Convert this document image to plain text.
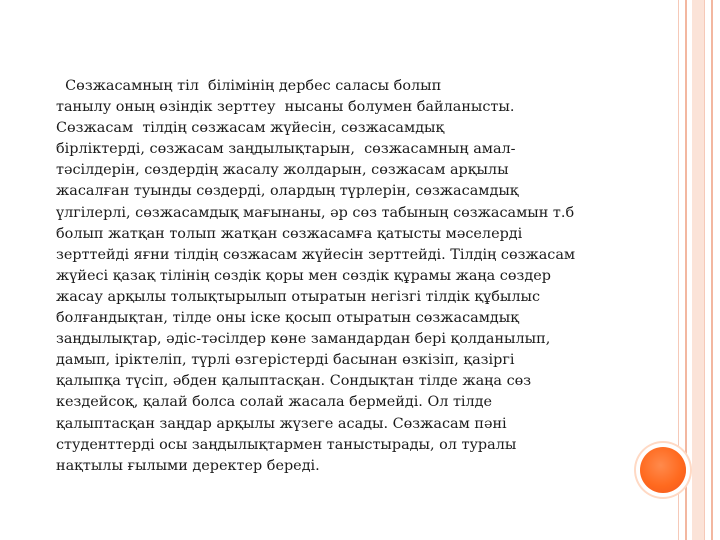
Сөзжасамның тіл  білімінің дербес саласы болып
танылу оның өзіндік зерттеу  нысаны болумен байланысты.
Сөзжасам  тілдің сөзжасам жүйесін, сөзжасамдық
бірліктерді, сөзжасам заңдылықтарын,  сөзжасамның амал-
тәсілдерін, сөздердің жасалу жолдарын, сөзжасам арқылы
жасалған туынды сөздерді, олардың түрлерін, сөзжасамдық
үлгілерлі, сөзжасамдық мағынаны, әр сөз табының сөзжасамын т.б
болып жатқан толып жатқан сөзжасамға қатысты мәселерді
зерттейді яғни тілдің сөзжасам жүйесін зерттейді. Тілдің сөзжасам
жүйесі қазақ тілінің сөздік қоры мен сөздік құрамы жаңа сөздер
жасау арқылы толықтырылып отыратын негізгі тілдік құбылыс
болғандықтан, тілде оны іске қосып отыратын сөзжасамдық
заңдылықтар, әдіс-тәсілдер көне замандардан бері қолданылып,
дамып, іріктеліп, түрлі өзгерістерді басынан өзкізіп, қазіргі
қалыпқа түсіп, әбден қалыптасқан. Сондықтан тілде жаңа сөз
кездейсоқ, қалай болса солай жасала бермейді. Ол тілде
қалыптасқан заңдар арқылы жүзеге асады. Сөзжасам пәні
студенттерді осы заңдылықтармен таныстырады, ол туралы
нақтылы ғылыми деректер береді.
